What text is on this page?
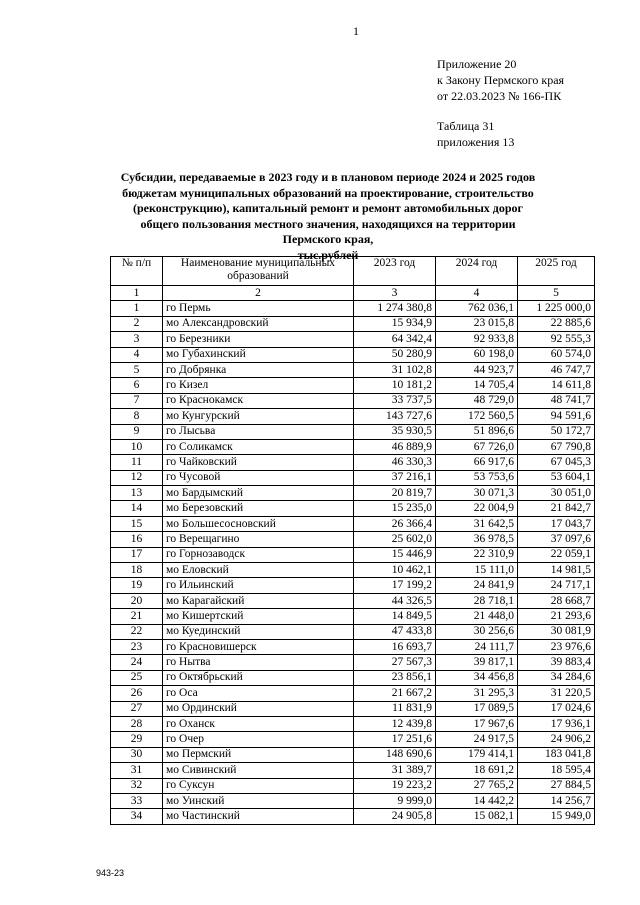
1
Приложение 20
к Закону Пермского края
от 22.03.2023 № 166-ПК
Таблица 31
приложения 13
Субсидии, передаваемые в 2023 году и в плановом периоде 2024 и 2025 годов
бюджетам муниципальных образований на проектирование, строительство
(реконструкцию), капитальный ремонт и ремонт автомобильных дорог
общего пользования местного значения, находящихся на территории Пермского края,
тыс.рублей
№ п/п	Наименование муниципальных образований	2023 год	2024 год	2025 год
1	2	3	4	5
1	го Пермь	1 274 380,8	762 036,1	1 225 000,0
2	мо Александровский	15 934,9	23 015,8	22 885,6
3	го Березники	64 342,4	92 933,8	92 555,3
4	мо Губахинский	50 280,9	60 198,0	60 574,0
5	го Добрянка	31 102,8	44 923,7	46 747,7
6	го Кизел	10 181,2	14 705,4	14 611,8
7	го Краснокамск	33 737,5	48 729,0	48 741,7
8	мо Кунгурский	143 727,6	172 560,5	94 591,6
9	го Лысьва	35 930,5	51 896,6	50 172,7
10	го Соликамск	46 889,9	67 726,0	67 790,8
11	го Чайковский	46 330,3	66 917,6	67 045,3
12	го Чусовой	37 216,1	53 753,6	53 604,1
13	мо Бардымский	20 819,7	30 071,3	30 051,0
14	мо Березовский	15 235,0	22 004,9	21 842,7
15	мо Большесосновский	26 366,4	31 642,5	17 043,7
16	го Верещагино	25 602,0	36 978,5	37 097,6
17	го Горнозаводск	15 446,9	22 310,9	22 059,1
18	мо Еловский	10 462,1	15 111,0	14 981,5
19	го Ильинский	17 199,2	24 841,9	24 717,1
20	мо Карагайский	44 326,5	28 718,1	28 668,7
21	мо Кишертский	14 849,5	21 448,0	21 293,6
22	мо Куединский	47 433,8	30 256,6	30 081,9
23	го Красновишерск	16 693,7	24 111,7	23 976,6
24	го Нытва	27 567,3	39 817,1	39 883,4
25	го Октябрьский	23 856,1	34 456,8	34 284,6
26	го Оса	21 667,2	31 295,3	31 220,5
27	мо Ординский	11 831,9	17 089,5	17 024,6
28	го Оханск	12 439,8	17 967,6	17 936,1
29	го Очер	17 251,6	24 917,5	24 906,2
30	мо Пермский	148 690,6	179 414,1	183 041,8
31	мо Сивинский	31 389,7	18 691,2	18 595,4
32	го Суксун	19 223,2	27 765,2	27 884,5
33	мо Уинский	9 999,0	14 442,2	14 256,7
34	мо Частинский	24 905,8	15 082,1	15 949,0
943-23
